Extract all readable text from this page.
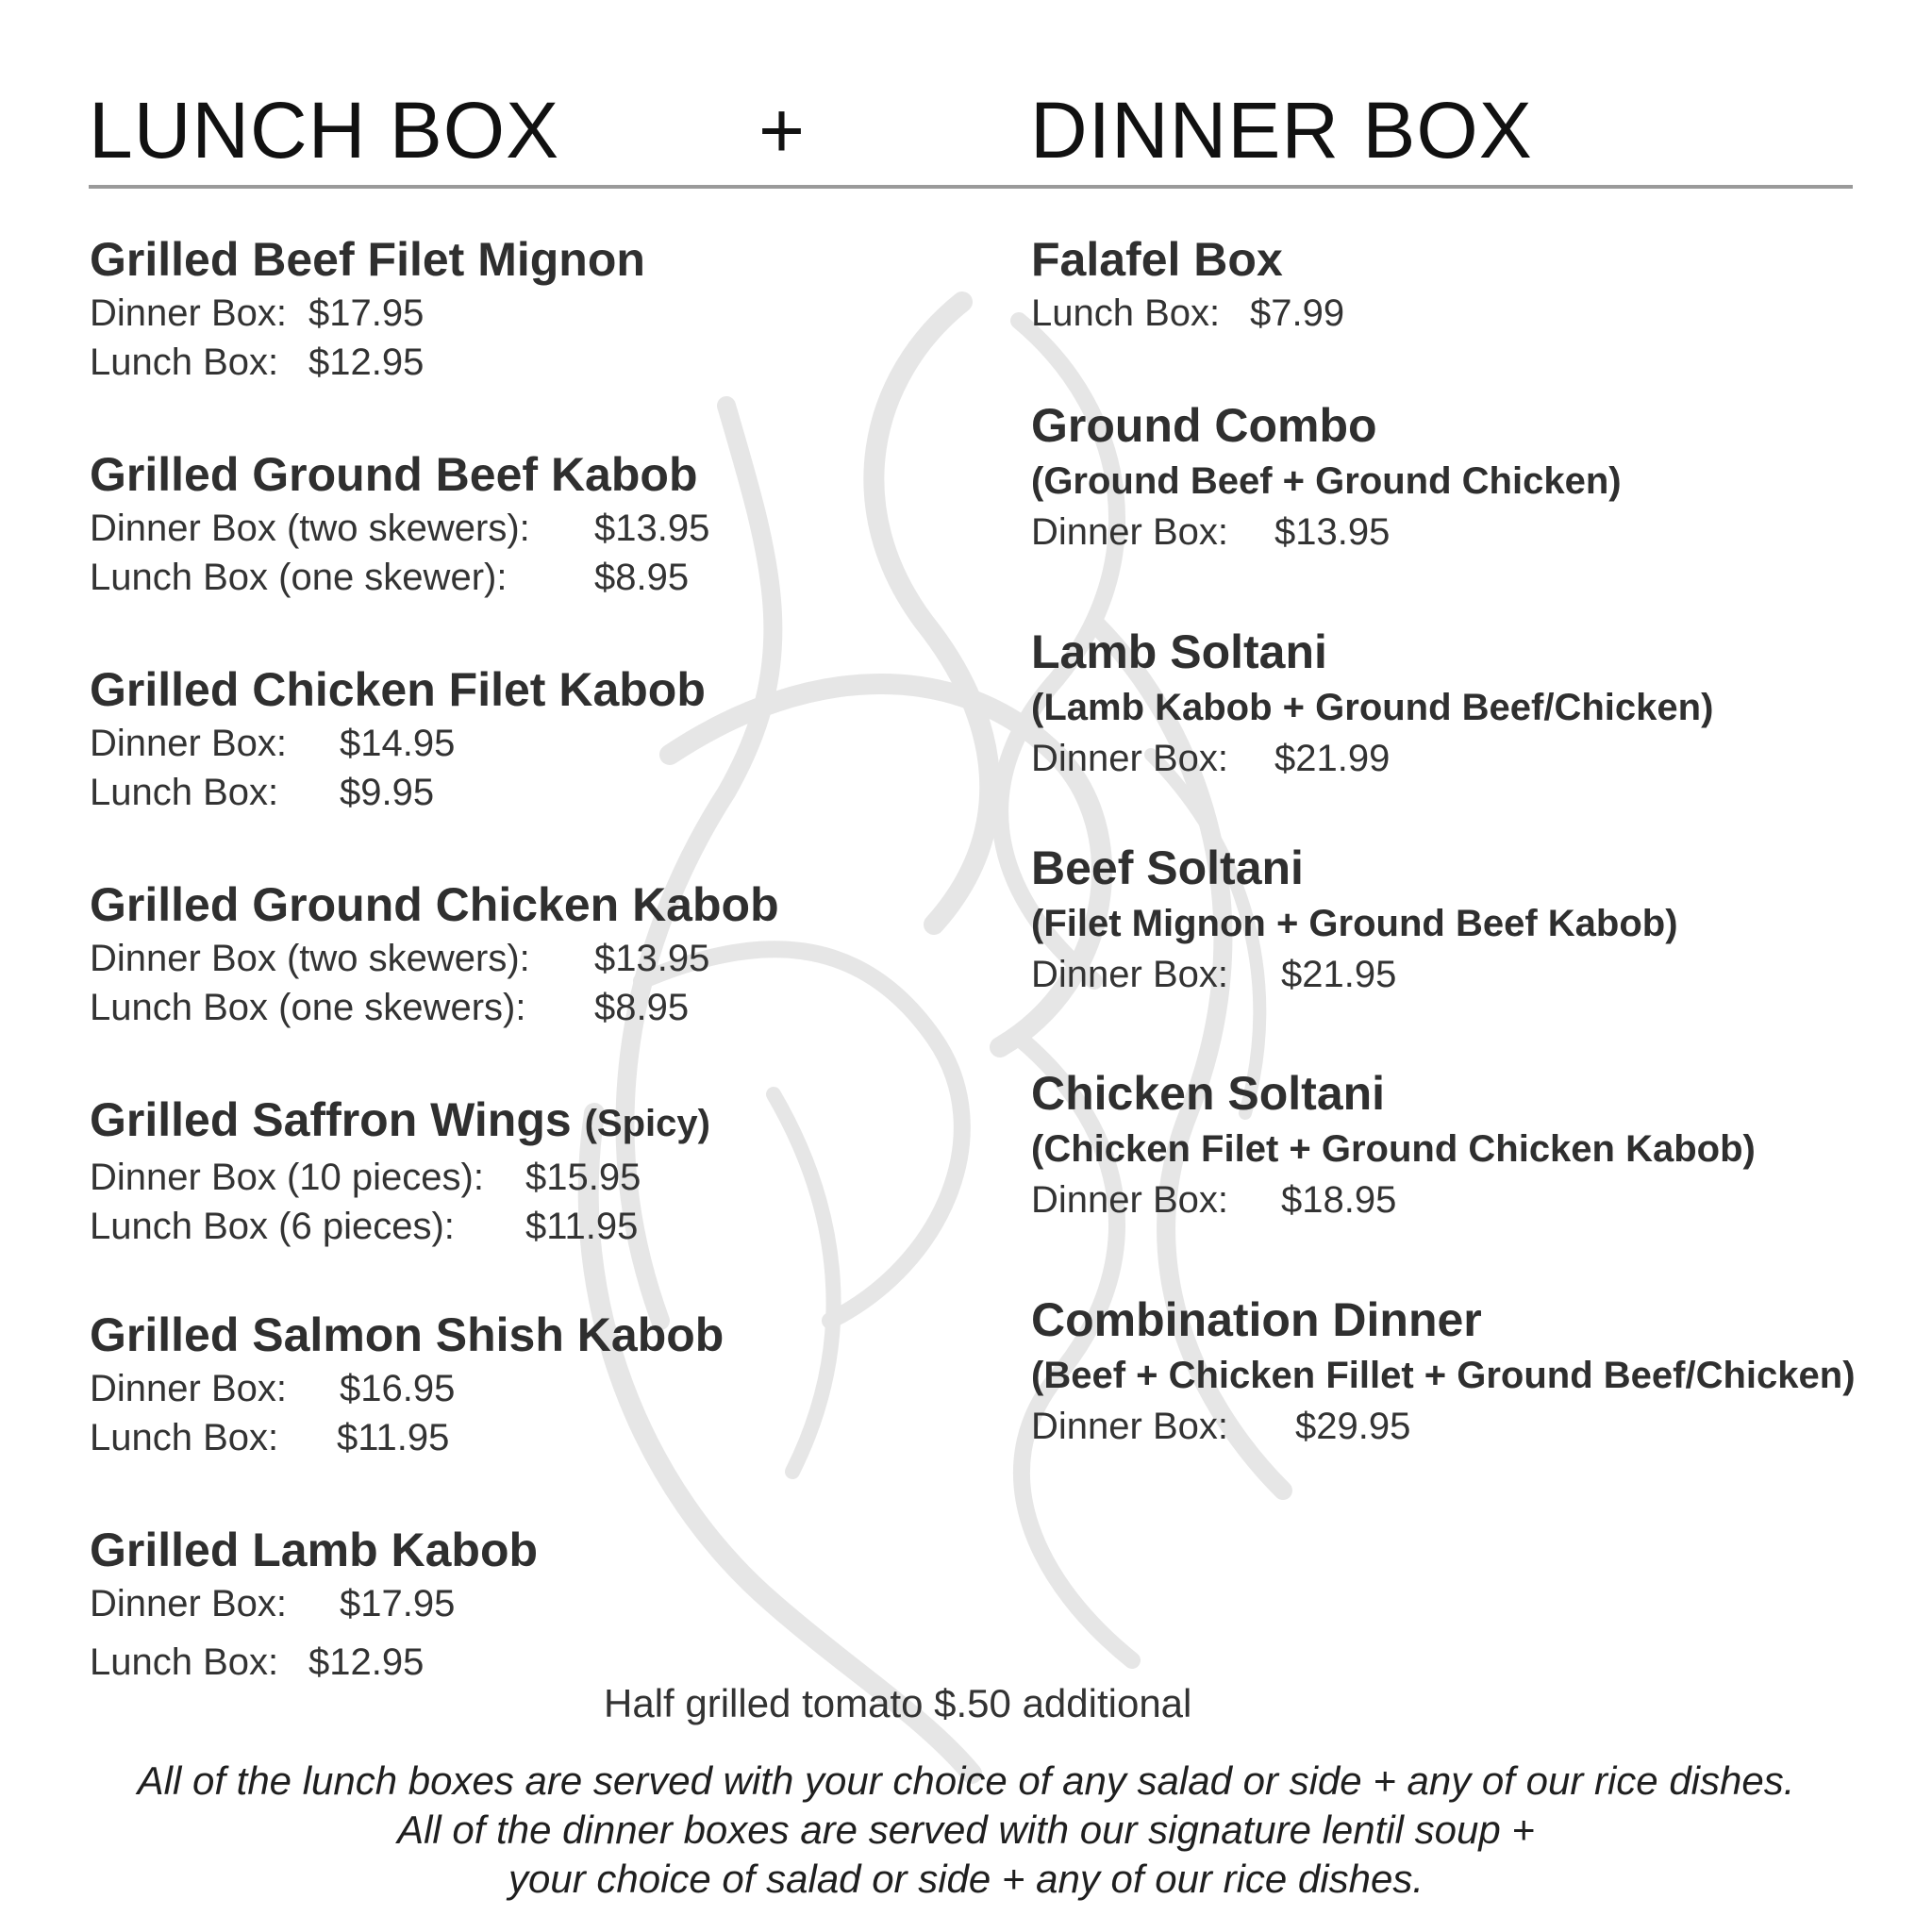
LUNCH BOX	+	DINNER BOX
Grilled Beef Filet Mignon
Dinner Box: $17.95
Lunch Box: $12.95
Grilled Ground Beef Kabob
Dinner Box (two skewers):	$13.95
Lunch Box (one skewer):	$8.95
Grilled Chicken Filet Kabob
Dinner Box:	$14.95
Lunch Box:	$9.95
Grilled Ground Chicken Kabob
Dinner Box (two skewers):	$13.95
Lunch Box (one skewers):	$8.95
Grilled Saffron Wings (Spicy)
Dinner Box (10 pieces):	$15.95
Lunch Box (6 pieces):	$11.95
Grilled Salmon Shish Kabob
Dinner Box:	$16.95
Lunch Box:	$11.95
Grilled Lamb Kabob
Dinner Box:	$17.95
Lunch Box: $12.95
Falafel Box
Lunch Box: $7.99
Ground Combo
(Ground Beef + Ground Chicken)
Dinner Box:	$13.95
Lamb Soltani
(Lamb Kabob + Ground Beef/Chicken)
Dinner Box:	$21.99
Beef Soltani
(Filet Mignon + Ground Beef Kabob)
Dinner Box:	$21.95
Chicken Soltani
(Chicken Filet + Ground Chicken Kabob)
Dinner Box:	$18.95
Combination Dinner
(Beef + Chicken Fillet + Ground Beef/Chicken)
Dinner Box:	$29.95
Half grilled tomato $.50 additional
All of the lunch boxes are served with your choice of any salad or side + any of our rice dishes.
All of the dinner boxes are served with our signature lentil soup +
your choice of salad or side + any of our rice dishes.
